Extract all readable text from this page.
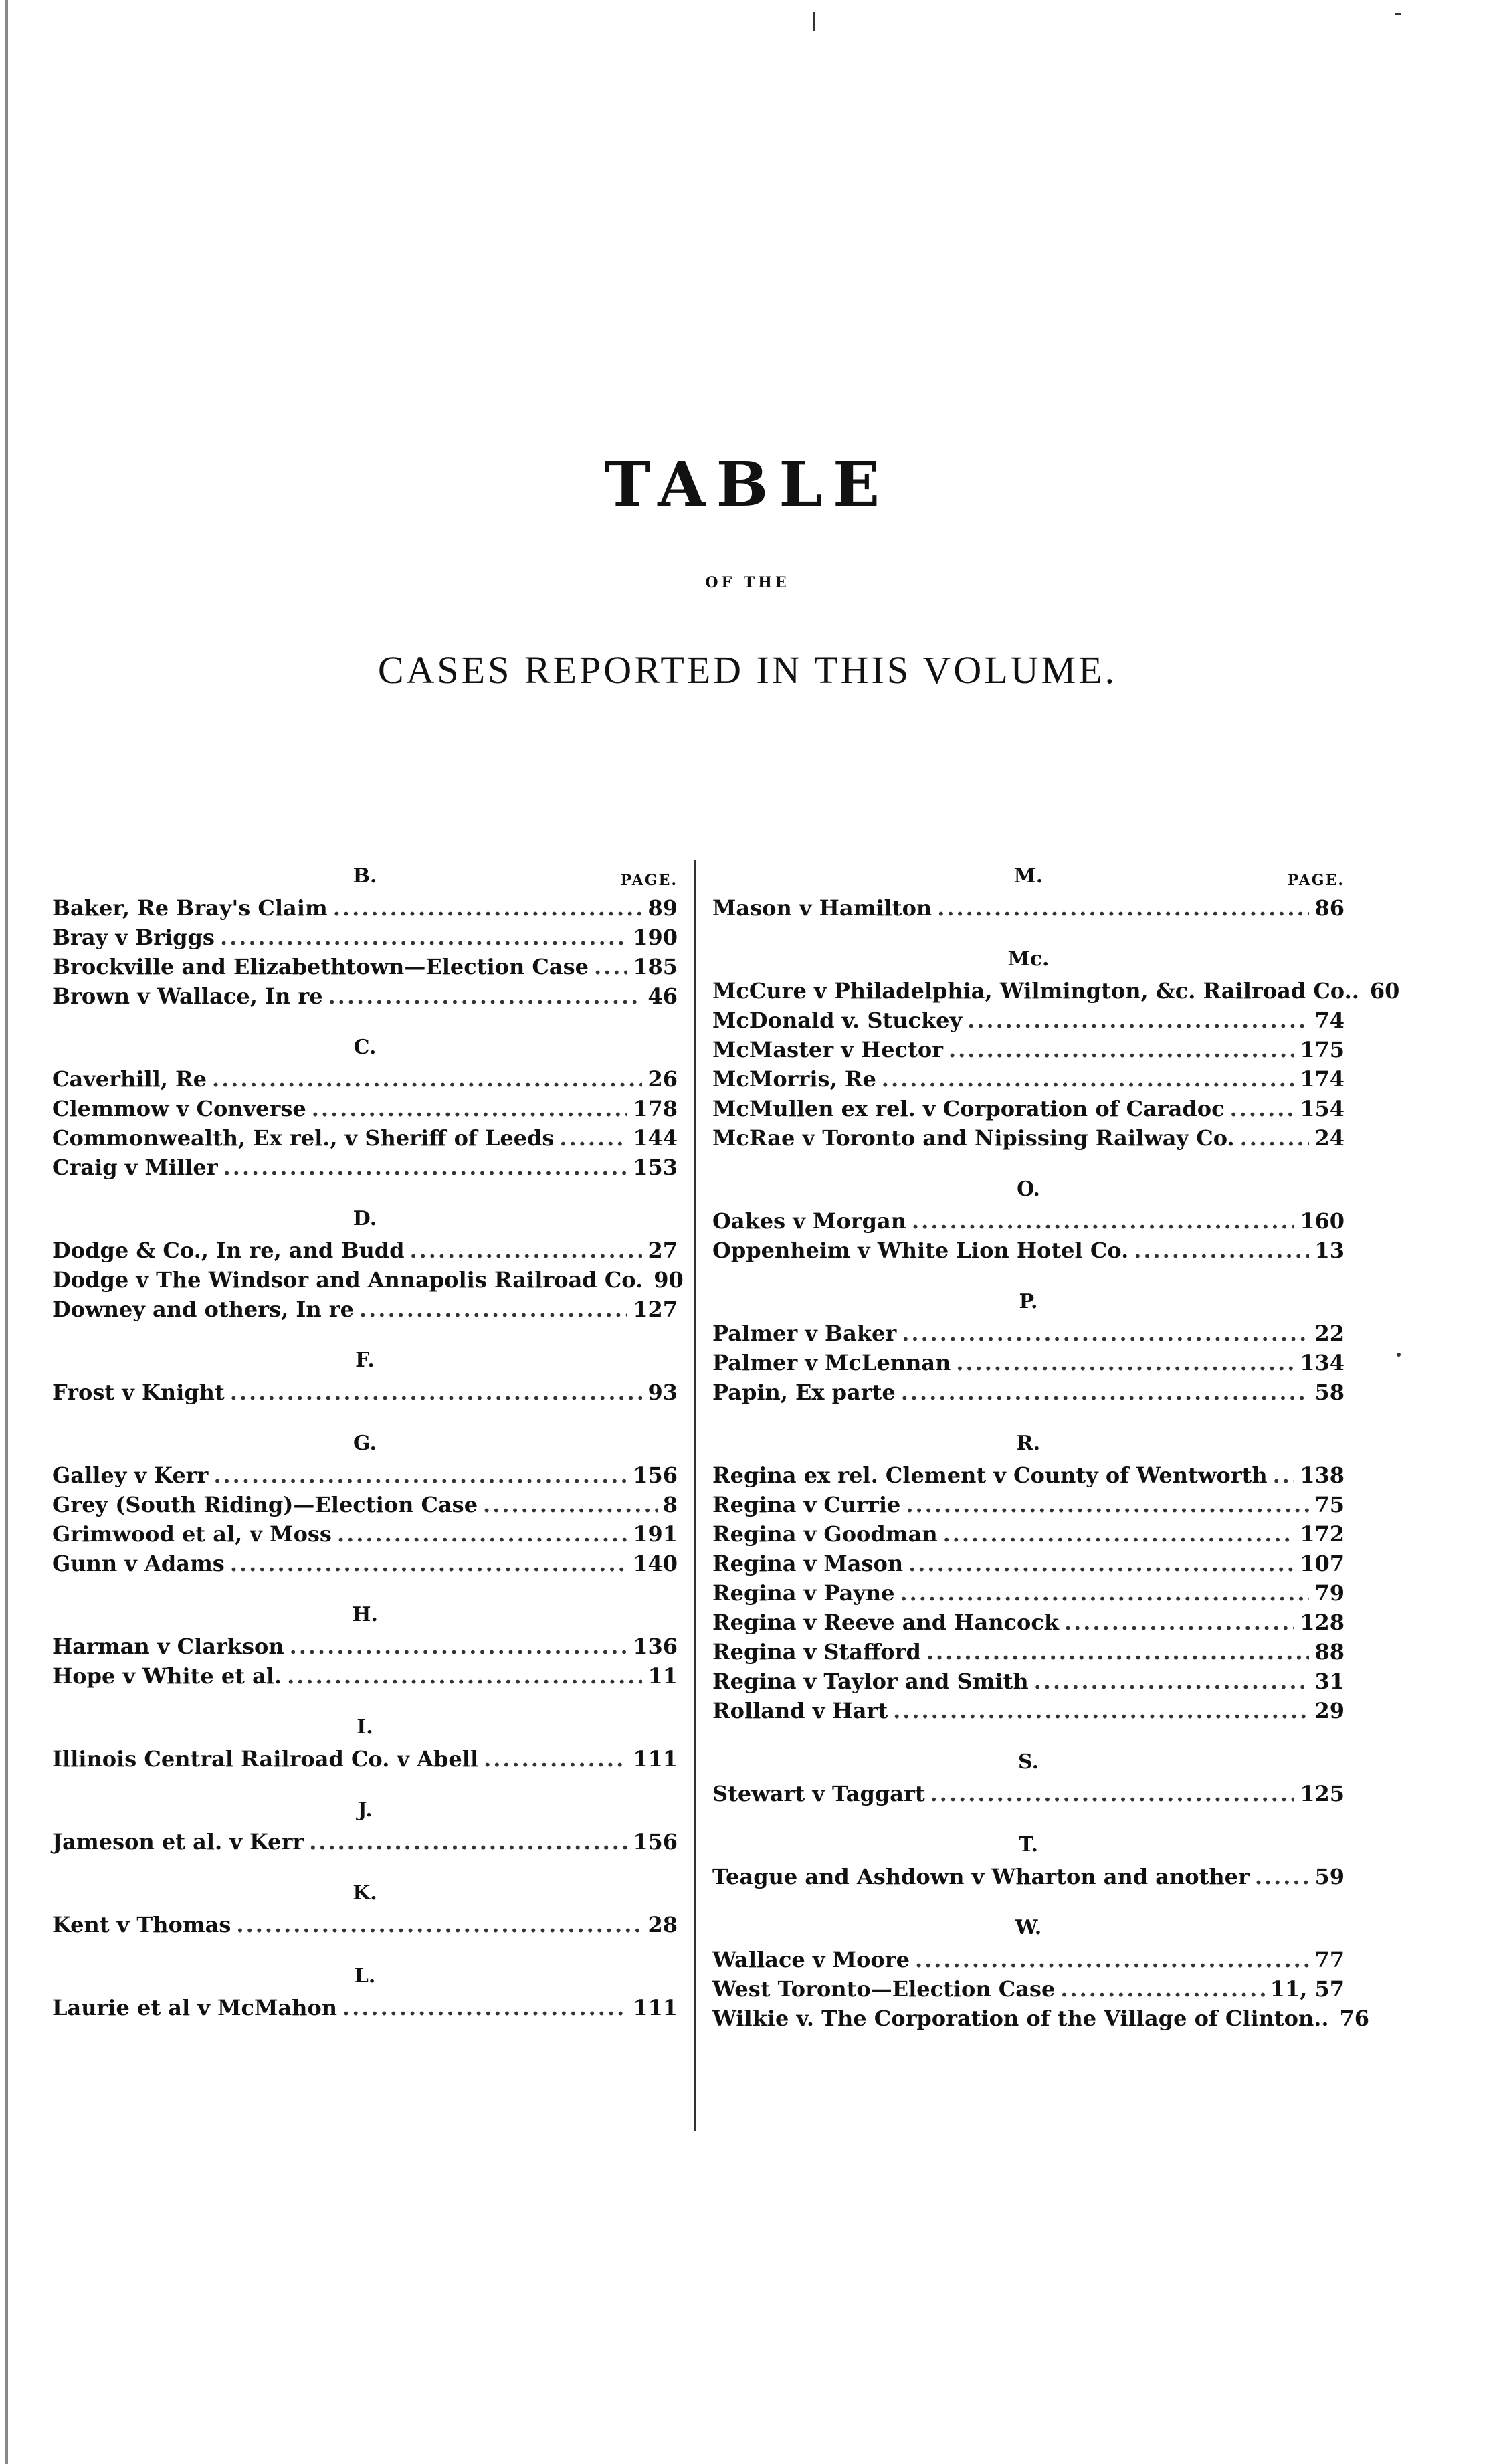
TABLE
OF THE
CASES REPORTED IN THIS VOLUME.
PAGE.
B.
Baker, Re Bray's Claim .....	89
Bray v Briggs .....	190
Brockville and Elizabethtown—Election Case ..... 185
Brown v Wallace, In re .....	46
C.
Caverhill, Re .....	26
Clemmow v Converse .....	178
Commonwealth, Ex rel., v Sheriff of Leeds .....	144
Craig v Miller .....	153
D.
Dodge & Co., In re, and Budd .....	27
Dodge v The Windsor and Annapolis Railroad Co. 90
Downey and others, In re .....	127
F.
Frost v Knight .....	93
G.
Galley v Kerr .....	156
Grey (South Riding)—Election Case .....	8
Grimwood et al, v Moss .....	191
Gunn v Adams .....	140
H.
Harman v Clarkson .....	136
Hope v White et al. .....	11
I.
Illinois Central Railroad Co. v Abell .....	111
J.
Jameson et al. v Kerr .....	156
K.
Kent v Thomas .....	28
L.
Laurie et al v McMahon .....	111
PAGE.
M.
Mason v Hamilton .....	86
Mc.
McCure v Philadelphia, Wilmington, &c. Railroad Co.. 60
McDonald v. Stuckey .....	74
McMaster v Hector .....	175
McMorris, Re .....	174
McMullen ex rel. v Corporation of Caradoc .....	154
McRae v Toronto and Nipissing Railway Co. .....	24
O.
Oakes v Morgan .....	160
Oppenheim v White Lion Hotel Co. .....	13
P.
Palmer v Baker .....	22
Palmer v McLennan .....	134
Papin, Ex parte .....	58
R.
Regina ex rel. Clement v County of Wentworth ..... 138
Regina v Currie .....	75
Regina v Goodman .....	172
Regina v Mason .....	107
Regina v Payne .....	79
Regina v Reeve and Hancock .....	128
Regina v Stafford .....	88
Regina v Taylor and Smith .....	31
Rolland v Hart .....	29
S.
Stewart v Taggart .....	125
T.
Teague and Ashdown v Wharton and another .....	59
W.
Wallace v Moore .....	77
West Toronto—Election Case .....	11, 57
Wilkie v. The Corporation of the Village of Clinton.. 76
